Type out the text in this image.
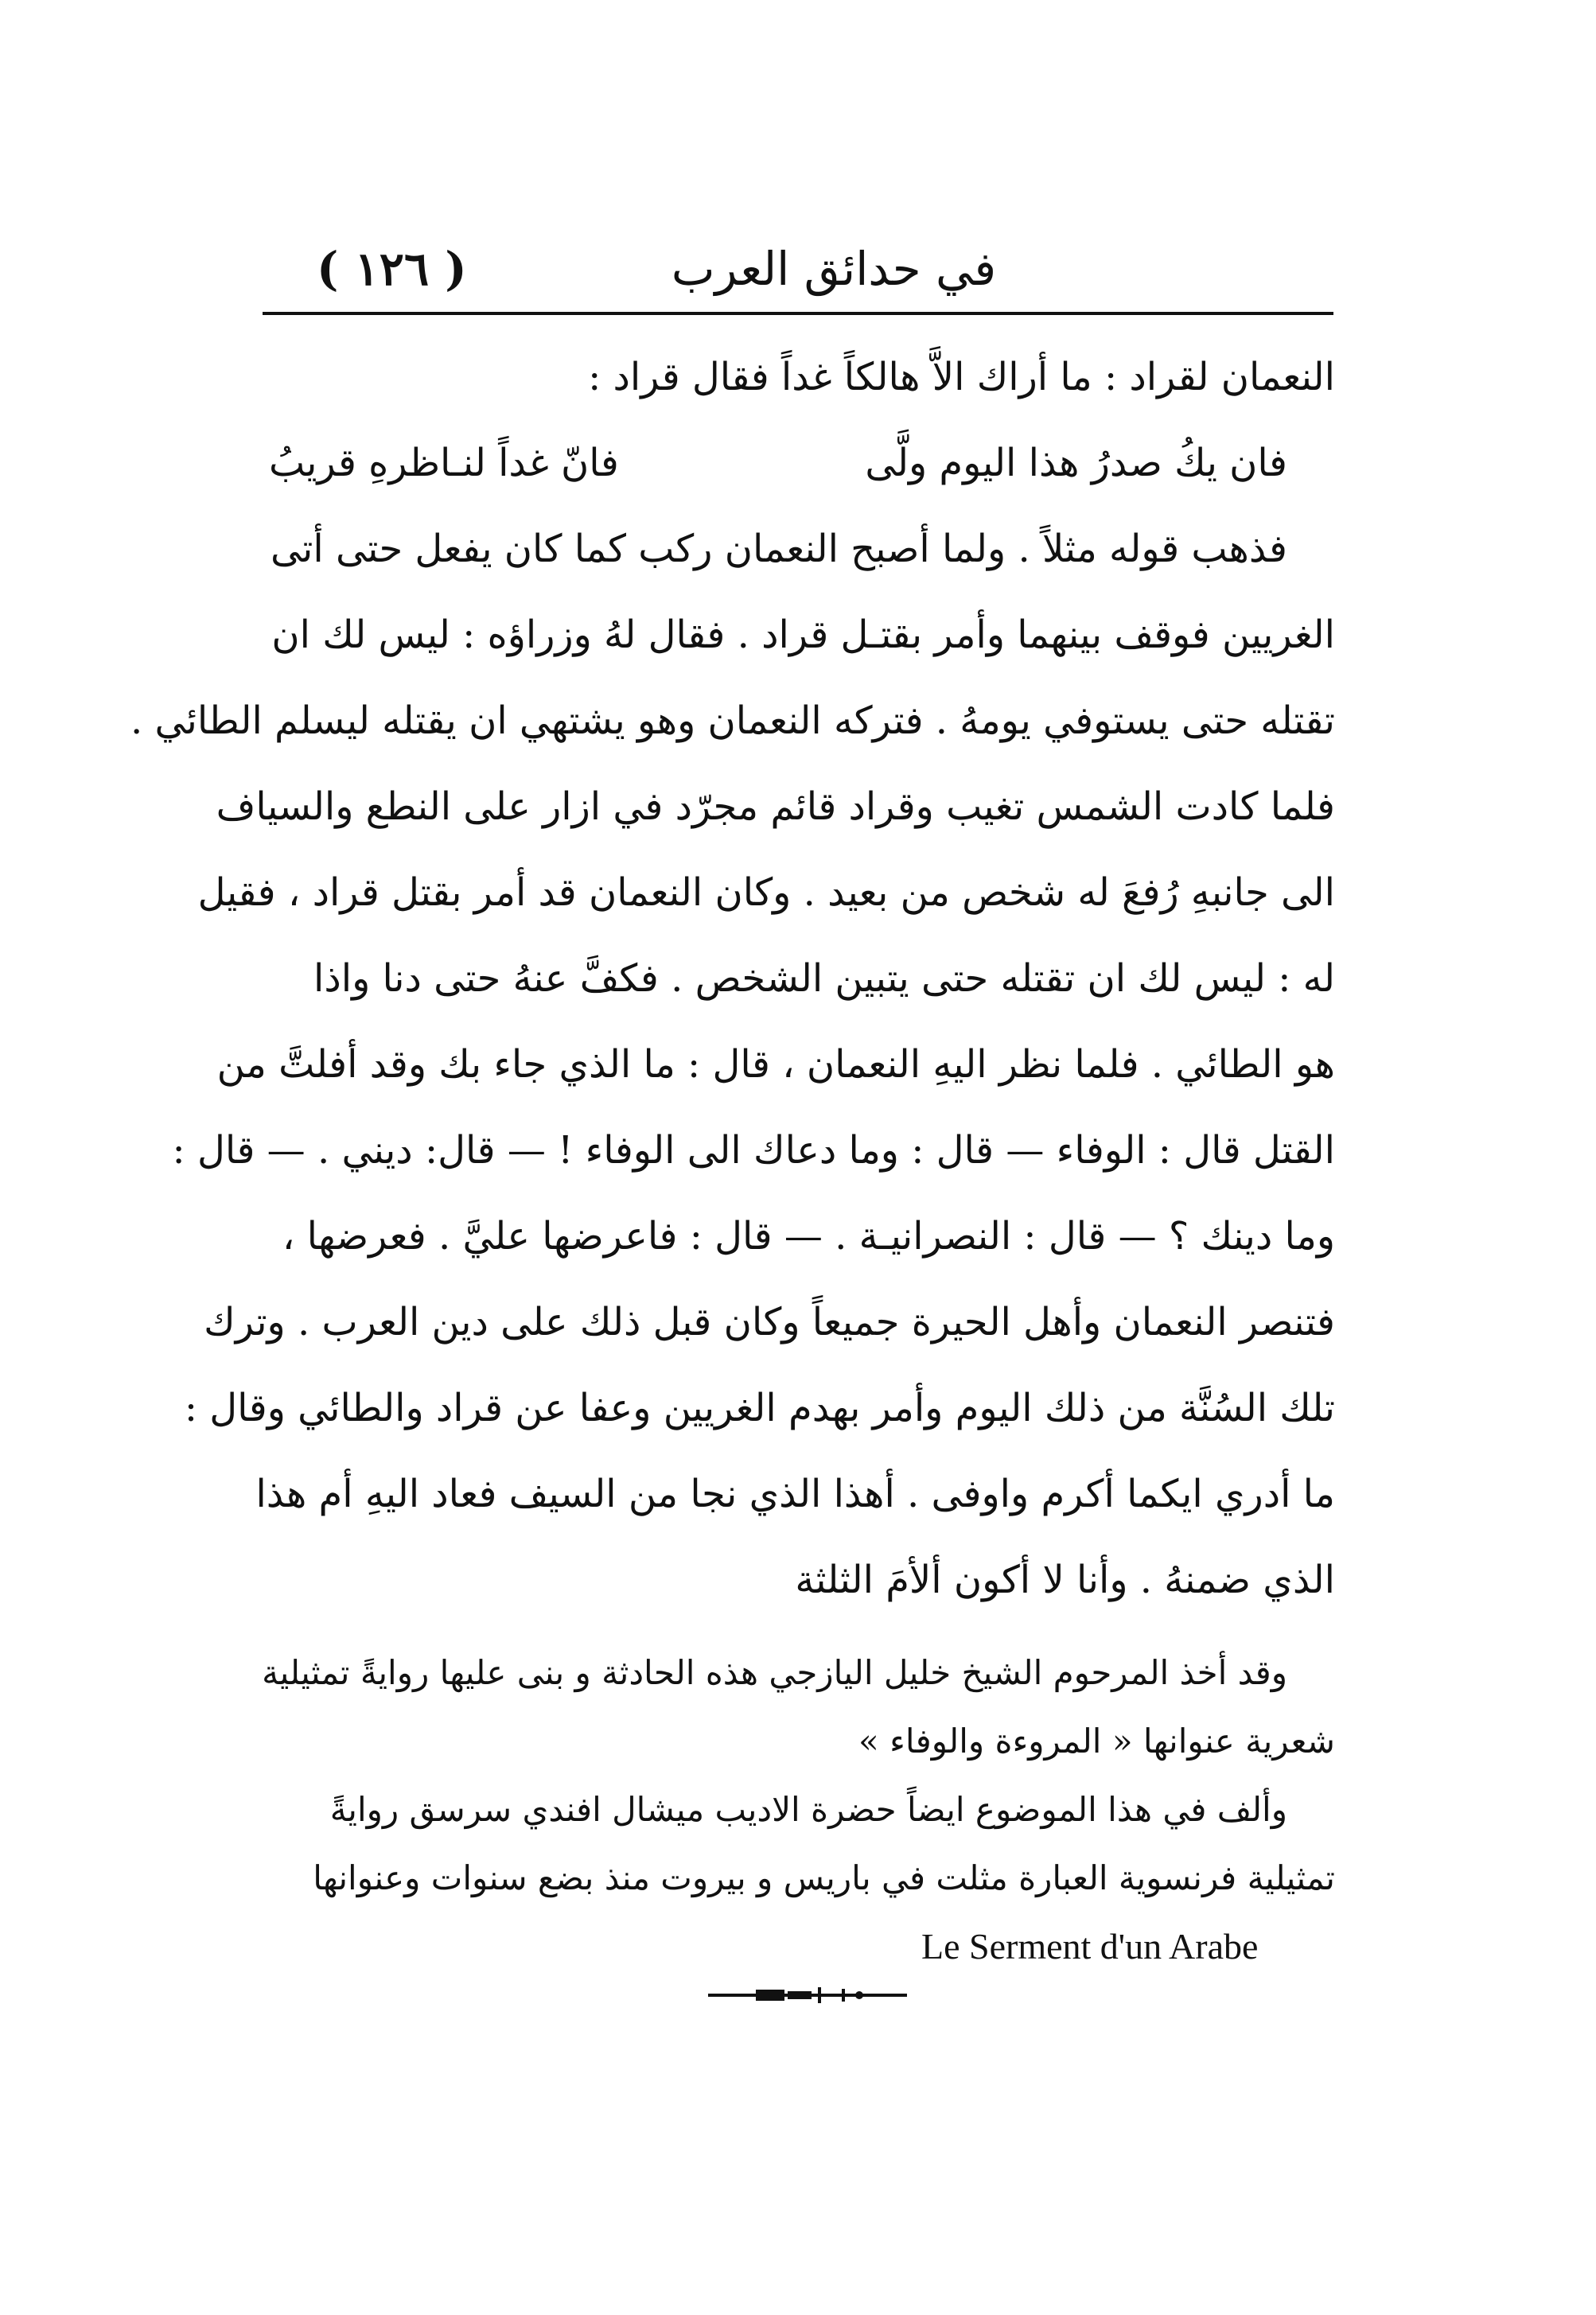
( ١٢٦ )	في حدائق العرب
النعمان لقراد : ما أراك الاَّ هالكاً غداً فقال قراد :
فان يكُ صدرُ هذا اليوم ولَّى
فانّ غداً لنـاظرهِ قريبُ
فذهب قوله مثلاً . ولما أصبح النعمان ركب كما كان يفعل حتى أتى
الغريين فوقف بينهما وأمر بقتـل قراد . فقال لهُ وزراؤه : ليس لك ان
تقتله حتى يستوفي يومهُ . فتركه النعمان وهو يشتهي ان يقتله ليسلم الطائي .
فلما كادت الشمس تغيب وقراد قائم مجرّد في ازار على النطع والسياف
الى جانبهِ رُفعَ له شخص من بعيد . وكان النعمان قد أمر بقتل قراد ، فقيل
له : ليس لك ان تقتله حتى يتبين الشخص . فكفَّ عنهُ حتى دنا واذا
هو الطائي . فلما نظر اليهِ النعمان ، قال : ما الذي جاء بك وقد أفلتَّ من
القتل قال : الوفاء — قال : وما دعاك الى الوفاء ! — قال: ديني . — قال :
وما دينك ؟ — قال : النصرانيـة . — قال : فاعرضها عليَّ . فعرضها ،
فتنصر النعمان وأهل الحيرة جميعاً وكان قبل ذلك على دين العرب . وترك
تلك السُنَّة من ذلك اليوم وأمر بهدم الغريين وعفا عن قراد والطائي وقال :
ما أدري ايكما أكرم واوفى . أهذا الذي نجا من السيف فعاد اليهِ أم هذا
الذي ضمنهُ . وأنا لا أكون ألأمَ الثلثة
وقد أخذ المرحوم الشيخ خليل اليازجي هذه الحادثة و بنى عليها روايةً تمثيلية
شعرية عنوانها « المروءة والوفاء »
وألف في هذا الموضوع ايضاً حضرة الاديب ميشال افندي سرسق روايةً
تمثيلية فرنسوية العبارة مثلت في باريس و بيروت منذ بضع سنوات وعنوانها
Le Serment d'un Arabe
